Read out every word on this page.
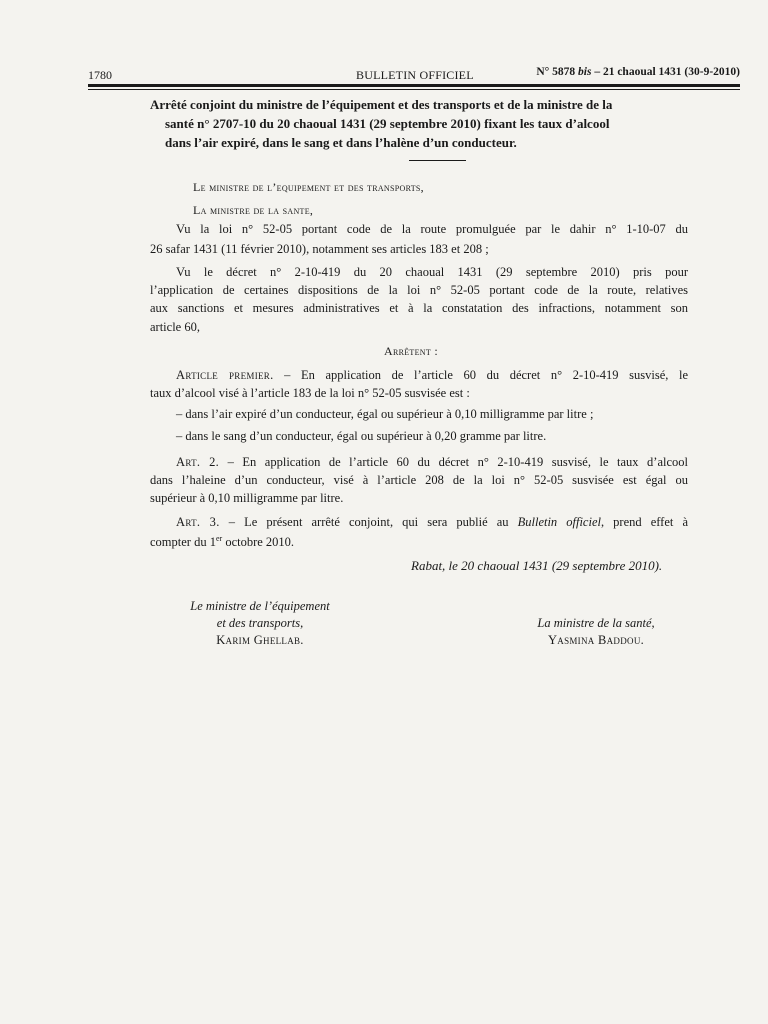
1780	BULLETIN OFFICIEL	N° 5878 bis – 21 chaoual 1431 (30-9-2010)
Arrêté conjoint du ministre de l’équipement et des transports et de la ministre de la
santé n° 2707-10 du 20 chaoual 1431 (29 septembre 2010) fixant les taux d’alcool
dans l’air expiré, dans le sang et dans l’halène d’un conducteur.
Le ministre de l’equipement et des transports,
La ministre de la sante,
Vu la loi n° 52-05 portant code de la route promulguée par le dahir n° 1-10-07 du
26 safar 1431 (11 février 2010), notamment ses articles 183 et 208 ;
Vu le décret n° 2-10-419 du 20 chaoual 1431 (29 septembre 2010) pris pour
l’application de certaines dispositions de la loi n° 52-05 portant code de la route, relatives
aux sanctions et mesures administratives et à la constatation des infractions, notamment son
article 60,
Arrêtent :
Article premier. – En application de l’article 60 du décret n° 2-10-419 susvisé, le
taux d’alcool visé à l’article 183 de la loi n° 52-05 susvisée est :
– dans l’air expiré d’un conducteur, égal ou supérieur à 0,10 milligramme par litre ;
– dans le sang d’un conducteur, égal ou supérieur à 0,20 gramme par litre.
Art. 2. – En application de l’article 60 du décret n° 2-10-419 susvisé, le taux d’alcool
dans l’haleine d’un conducteur, visé à l’article 208 de la loi n° 52-05 susvisée est égal ou
supérieur à 0,10 milligramme par litre.
Art. 3. – Le présent arrêté conjoint, qui sera publié au Bulletin officiel, prend effet à
compter du 1er octobre 2010.
Rabat, le 20 chaoual 1431 (29 septembre 2010).
Le ministre de l’équipement
et des transports,
Karim Ghellab.
La ministre de la santé,
Yasmina Baddou.
